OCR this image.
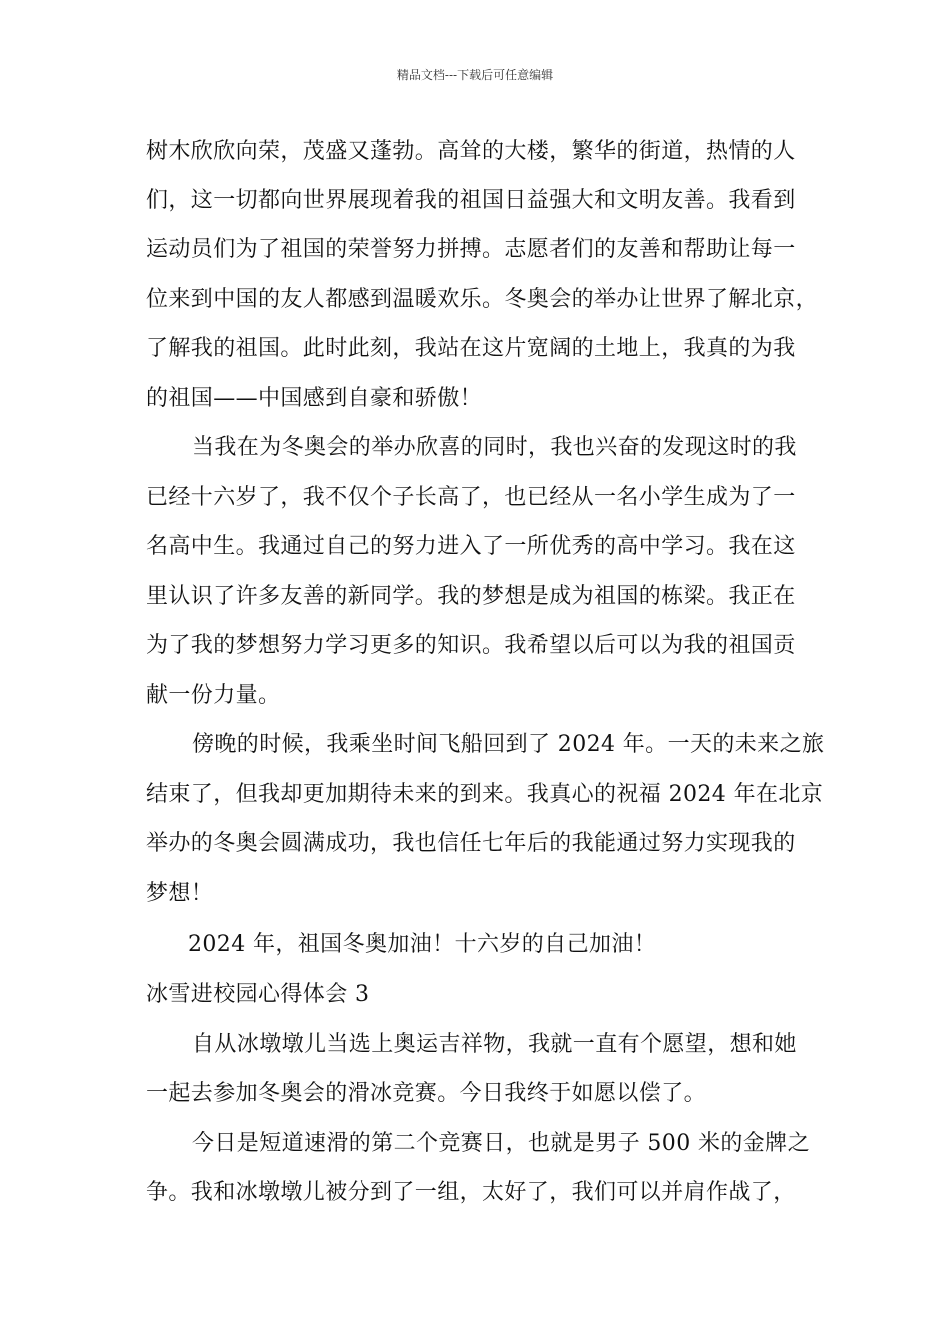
精品文档---下载后可任意编辑
树木欣欣向荣，茂盛又蓬勃。高耸的大楼，繁华的街道，热情的人
们，这一切都向世界展现着我的祖国日益强大和文明友善。我看到
运动员们为了祖国的荣誉努力拼搏。志愿者们的友善和帮助让每一
位来到中国的友人都感到温暖欢乐。冬奥会的举办让世界了解北京，
了解我的祖国。此时此刻，我站在这片宽阔的土地上，我真的为我
的祖国——中国感到自豪和骄傲！
当我在为冬奥会的举办欣喜的同时，我也兴奋的发现这时的我
已经十六岁了，我不仅个子长高了，也已经从一名小学生成为了一
名高中生。我通过自己的努力进入了一所优秀的高中学习。我在这
里认识了许多友善的新同学。我的梦想是成为祖国的栋梁。我正在
为了我的梦想努力学习更多的知识。我希望以后可以为我的祖国贡
献一份力量。
傍晚的时候，我乘坐时间飞船回到了 2024 年。一天的未来之旅
结束了，但我却更加期待未来的到来。我真心的祝福 2024 年在北京
举办的冬奥会圆满成功，我也信任七年后的我能通过努力实现我的
梦想！
2024 年，祖国冬奥加油！十六岁的自己加油！
冰雪进校园心得体会 3
自从冰墩墩儿当选上奥运吉祥物，我就一直有个愿望，想和她
一起去参加冬奥会的滑冰竞赛。今日我终于如愿以偿了。
今日是短道速滑的第二个竞赛日，也就是男子 500 米的金牌之
争。我和冰墩墩儿被分到了一组，太好了，我们可以并肩作战了，
